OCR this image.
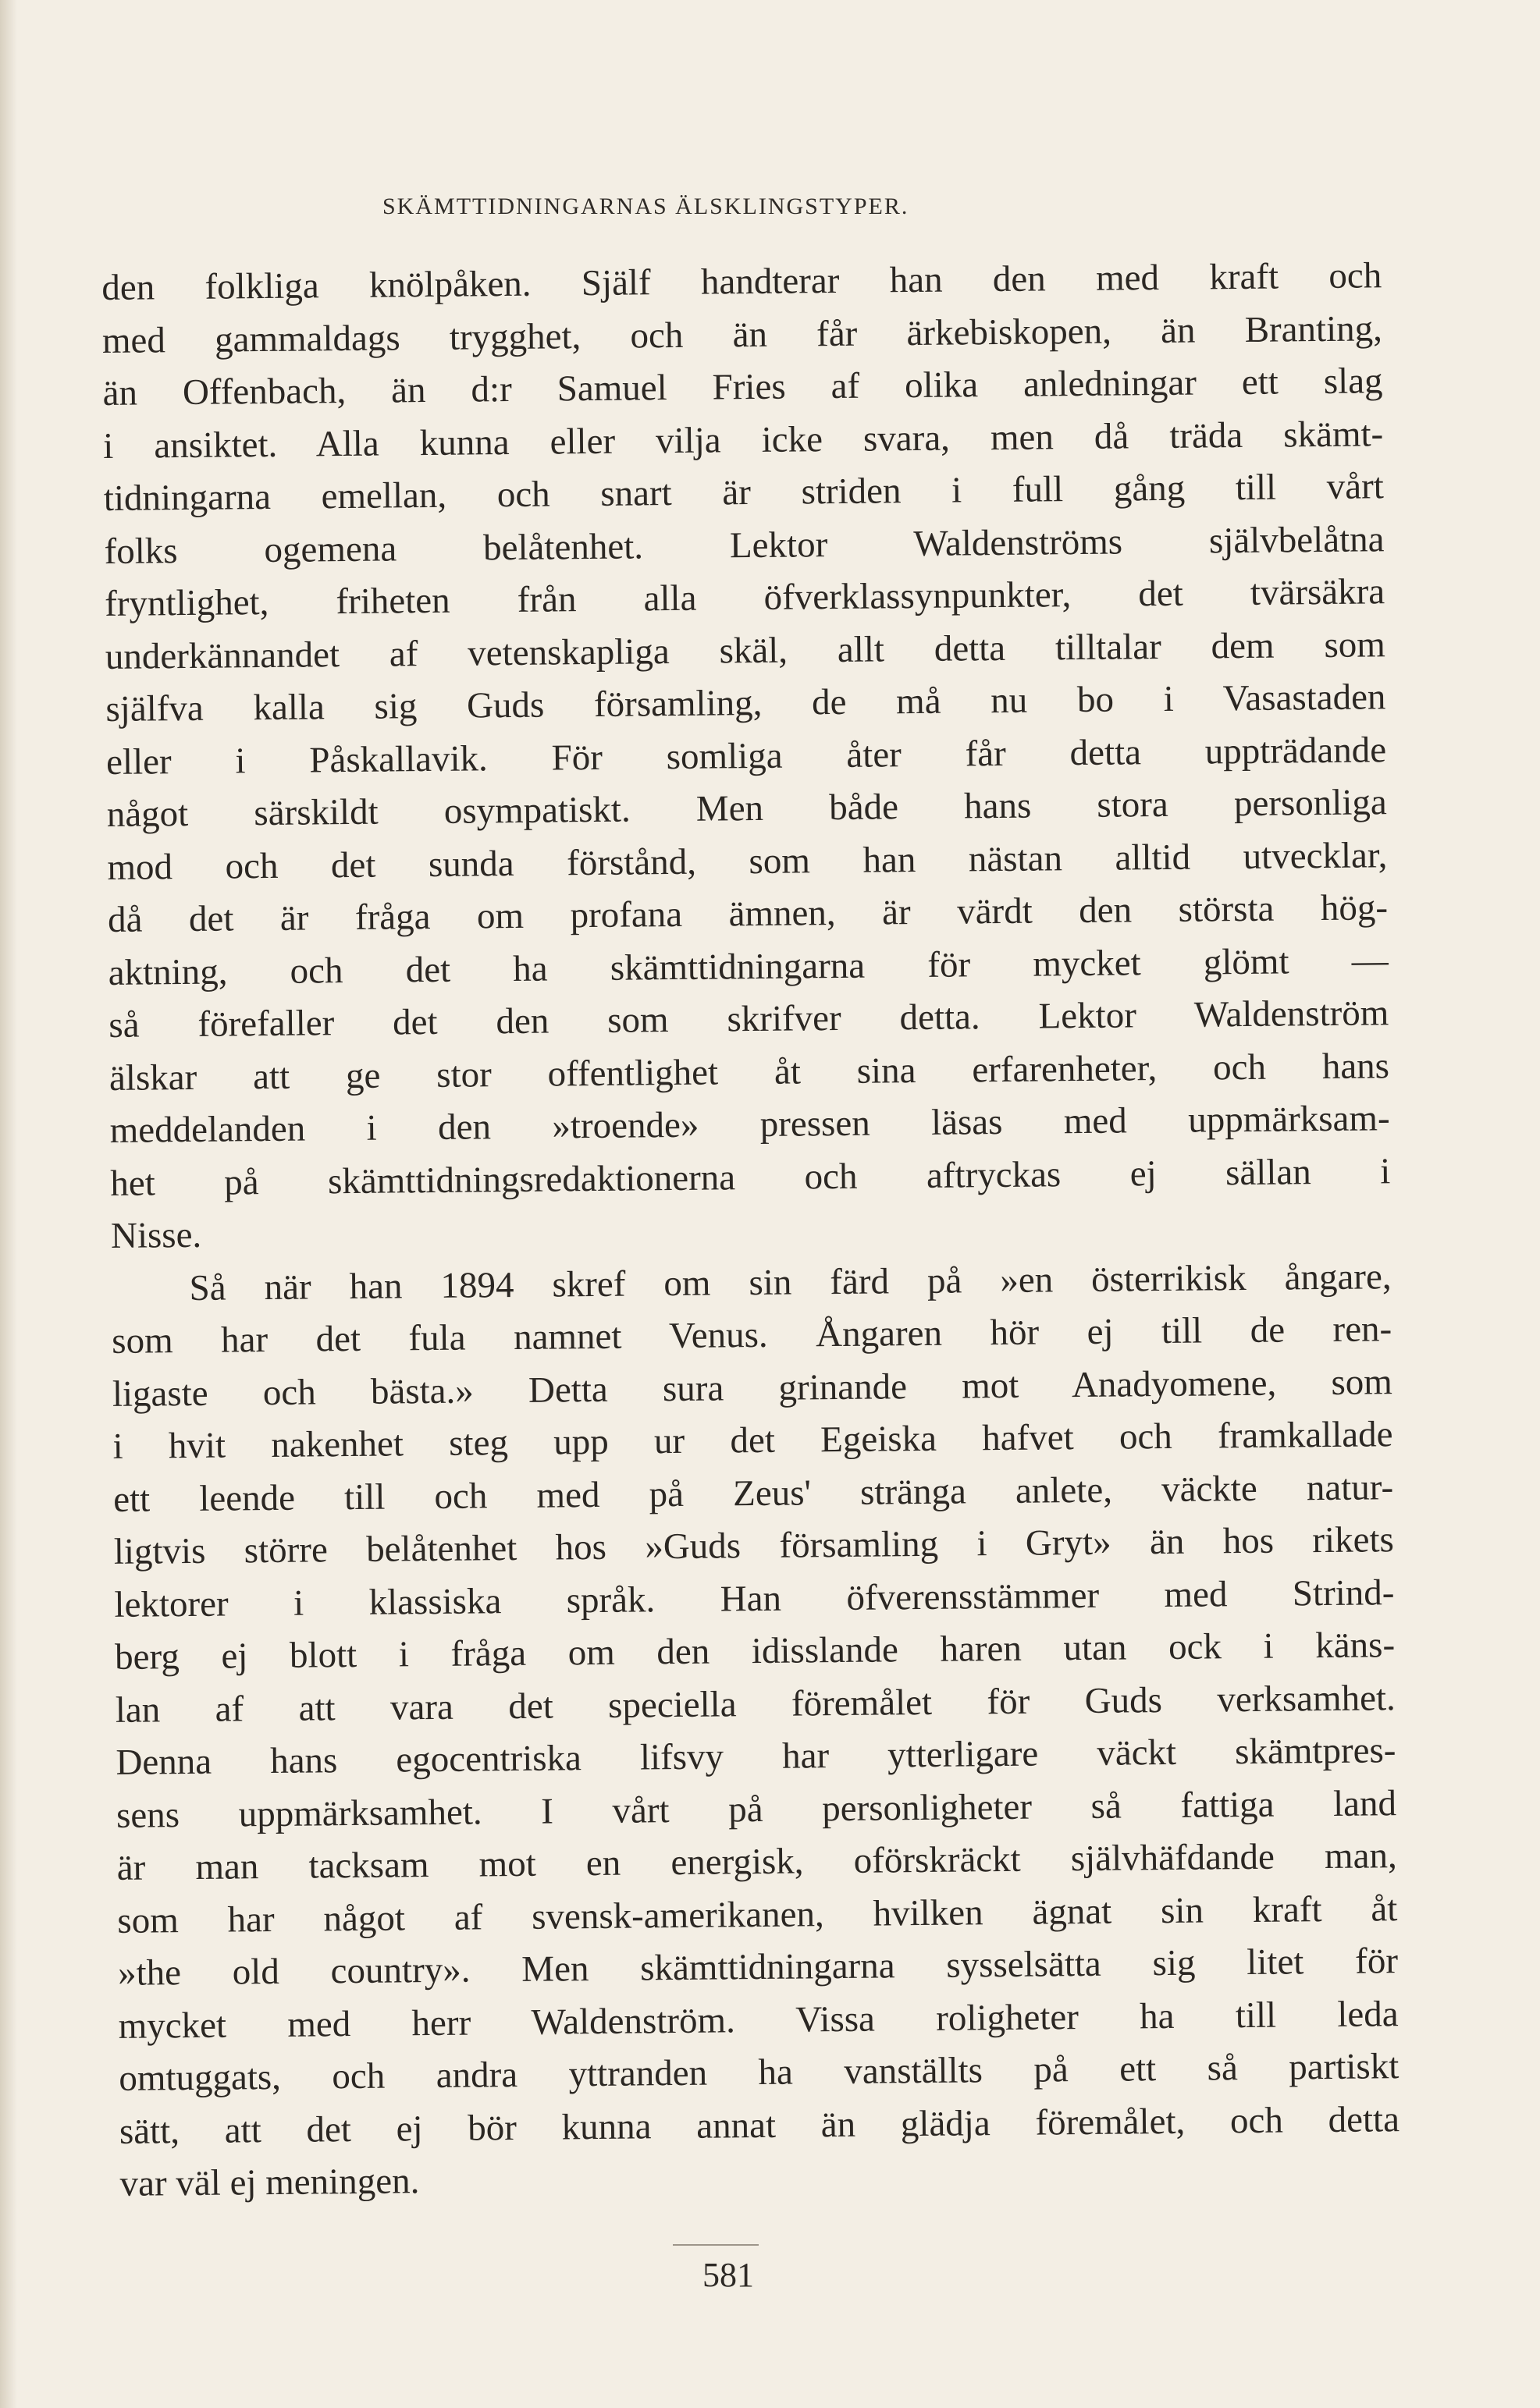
SKÄMTTIDNINGARNAS ÄLSKLINGSTYPER.
den folkliga knölpåken. Själf handterar han den med kraft och
med gammaldags trygghet, och än får ärkebiskopen, än Branting,
än Offenbach, än d:r Samuel Fries af olika anledningar ett slag
i ansiktet. Alla kunna eller vilja icke svara, men då träda skämt-
tidningarna emellan, och snart är striden i full gång till vårt
folks ogemena belåtenhet. Lektor Waldenströms självbelåtna
fryntlighet, friheten från alla öfverklassynpunkter, det tvärsäkra
underkännandet af vetenskapliga skäl, allt detta tilltalar dem som
själfva kalla sig Guds församling, de må nu bo i Vasastaden
eller i Påskallavik. För somliga åter får detta uppträdande
något särskildt osympatiskt. Men både hans stora personliga
mod och det sunda förstånd, som han nästan alltid utvecklar,
då det är fråga om profana ämnen, är värdt den största hög-
aktning, och det ha skämttidningarna för mycket glömt —
så förefaller det den som skrifver detta. Lektor Waldenström
älskar att ge stor offentlighet åt sina erfarenheter, och hans
meddelanden i den »troende» pressen läsas med uppmärksam-
het på skämttidningsredaktionerna och aftryckas ej sällan i
Nisse.
Så när han 1894 skref om sin färd på »en österrikisk ångare,
som har det fula namnet Venus. Ångaren hör ej till de ren-
ligaste och bästa.» Detta sura grinande mot Anadyomene, som
i hvit nakenhet steg upp ur det Egeiska hafvet och framkallade
ett leende till och med på Zeus' stränga anlete, väckte natur-
ligtvis större belåtenhet hos »Guds församling i Gryt» än hos rikets
lektorer i klassiska språk. Han öfverensstämmer med Strind-
berg ej blott i fråga om den idisslande haren utan ock i käns-
lan af att vara det speciella föremålet för Guds verksamhet.
Denna hans egocentriska lifsvy har ytterligare väckt skämtpres-
sens uppmärksamhet. I vårt på personligheter så fattiga land
är man tacksam mot en energisk, oförskräckt självhäfdande man,
som har något af svensk-amerikanen, hvilken ägnat sin kraft åt
»the old country». Men skämttidningarna sysselsätta sig litet för
mycket med herr Waldenström. Vissa roligheter ha till leda
omtuggats, och andra yttranden ha vanställts på ett så partiskt
sätt, att det ej bör kunna annat än glädja föremålet, och detta
var väl ej meningen.
581
